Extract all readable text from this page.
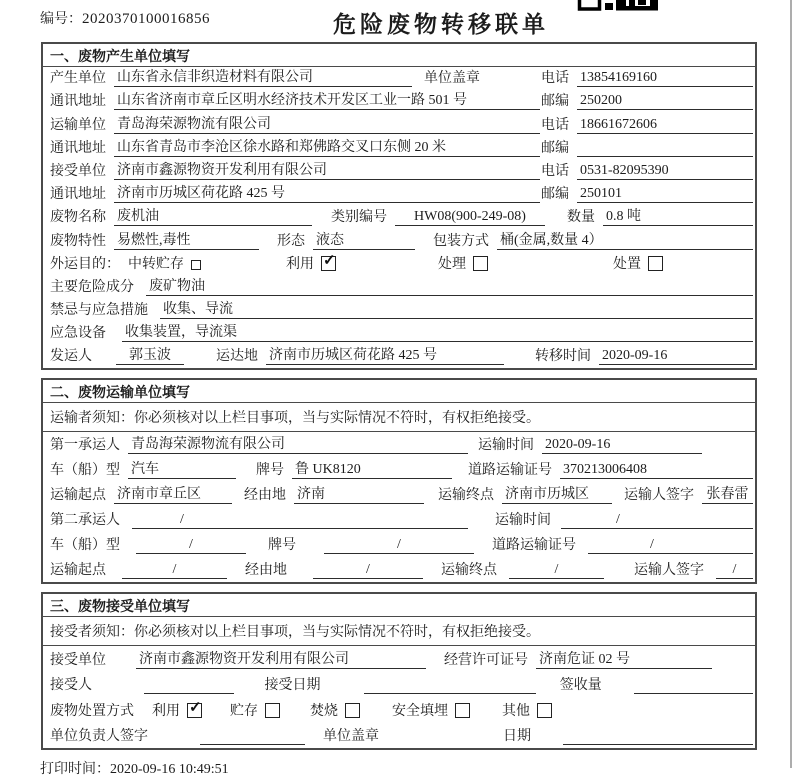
编号：2020370100016856	危险废物转移联单
一、废物产生单位填写
产生单位 山东省永信非织造材料有限公司	单位盖章	电话 13854169160
通讯地址 山东省济南市章丘区明水经济技术开发区工业一路 501 号	邮编 250200
运输单位 青岛海荣源物流有限公司	电话 18661672606
通讯地址 山东省青岛市李沧区徐水路和郑佛路交叉口东侧 20 米	邮编
接受单位 济南市鑫源物资开发利用有限公司	电话 0531-82095390
通讯地址 济南市历城区荷花路 425 号	邮编 250101
废物名称 废机油	类别编号	HW08(900-249-08)	数量 0.8 吨
废物特性 易燃性,毒性	形态 液态	包装方式 桶(金属,数量 4）
外运目的： 中转贮存	利用 ✓	处理	处置
主要危险成分 废矿物油
禁忌与应急措施 收集、导流
应急设备 收集装置，导流渠
发运人	郭玉波	运达地 济南市历城区荷花路 425 号	转移时间 2020-09-16
二、废物运输单位填写
运输者须知：你必须核对以上栏目事项，当与实际情况不符时，有权拒绝接受。
第一承运人 青岛海荣源物流有限公司	运输时间 2020-09-16
车（船）型 汽车	牌号 鲁 UK8120	道路运输证号 370213006408
运输起点 济南市章丘区	经由地 济南	运输终点 济南市历城区	运输人签字 张春雷
第二承运人	/	运输时间	/
车（船）型	/	牌号	/	道路运输证号	/
运输起点	/	经由地	/	运输终点	/	运输人签字	/
三、废物接受单位填写
接受者须知：你必须核对以上栏目事项，当与实际情况不符时，有权拒绝接受。
接受单位 济南市鑫源物资开发利用有限公司	经营许可证号 济南危证 02 号
接受人	接受日期	签收量
废物处置方式 利用 ✓	贮存	焚烧	安全填埋	其他
单位负责人签字	单位盖章	日期
打印时间：2020-09-16 10:49:51
